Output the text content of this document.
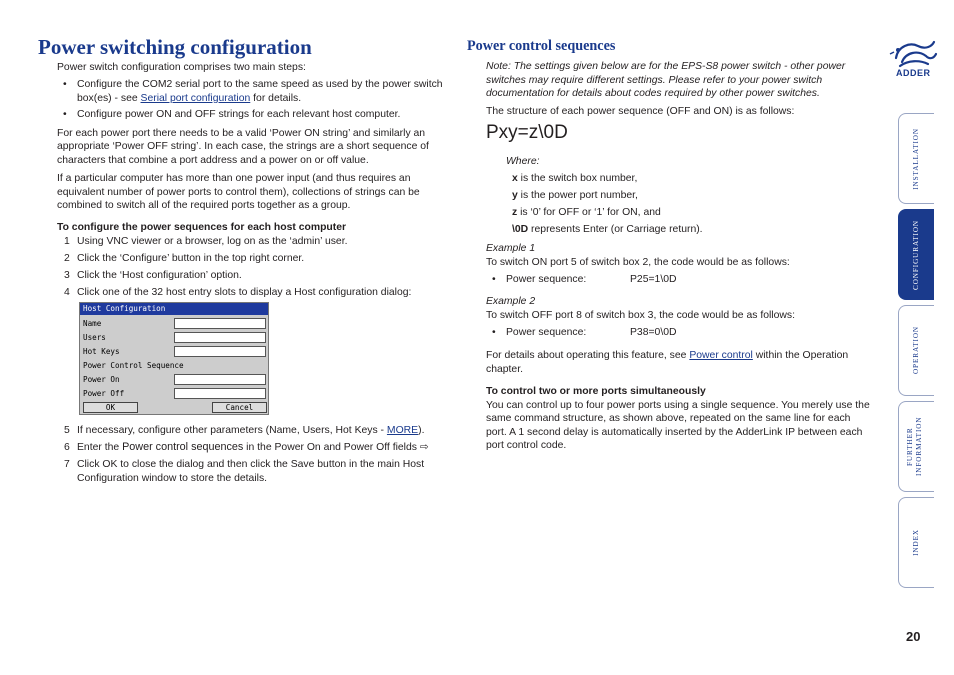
Power switching configuration

Power switch configuration comprises two main steps:

• Configure the COM2 serial port to the same speed as used by the power switch box(es) - see Serial port configuration for details.
• Configure power ON and OFF strings for each relevant host computer.

For each power port there needs to be a valid ‘Power ON string’ and similarly an appropriate ‘Power OFF string’. In each case, the strings are a short sequence of characters that combine a port address and a power on or off value.

If a particular computer has more than one power input (and thus requires an equivalent number of power ports to control them), collections of strings can be combined to switch all of the required ports together as a group.

To configure the power sequences for each host computer

1 Using VNC viewer or a browser, log on as the ‘admin’ user.
2 Click the ‘Configure’ button in the top right corner.
3 Click the ‘Host configuration’ option.
4 Click one of the 32 host entry slots to display a Host configuration dialog:
Host Configuration
Name
Users
Hot Keys
Power Control Sequence
Power On
Power Off
OK	Cancel
5 If necessary, configure other parameters (Name, Users, Hot Keys - MORE).
6 Enter the Power control sequences in the Power On and Power Off fields ⇨
7 Click OK to close the dialog and then click the Save button in the main Host Configuration window to store the details.
Power control sequences

Note: The settings given below are for the EPS-S8 power switch - other power switches may require different settings. Please refer to your power switch documentation for details about codes required by other power switches.

The structure of each power sequence (OFF and ON) is as follows:

Pxy=z\0D

Where:

x is the switch box number,

y is the power port number,

z is ‘0’ for OFF or ‘1’ for ON, and

\0D represents Enter (or Carriage return).

Example 1

To switch ON port 5 of switch box 2, the code would be as follows:

• Power sequence:	P25=1\0D

Example 2

To switch OFF port 8 of switch box 3, the code would be as follows:

• Power sequence:	P38=0\0D

For details about operating this feature, see Power control within the Operation chapter.

To control two or more ports simultaneously

You can control up to four power ports using a single sequence. You merely use the same command structure, as shown above, repeated on the same line for each port. A 1 second delay is automatically inserted by the AdderLink IP between each port control code.

ADDER
INSTALLATION
CONFIGURATION
OPERATION
FURTHER INFORMATION
INDEX
20
